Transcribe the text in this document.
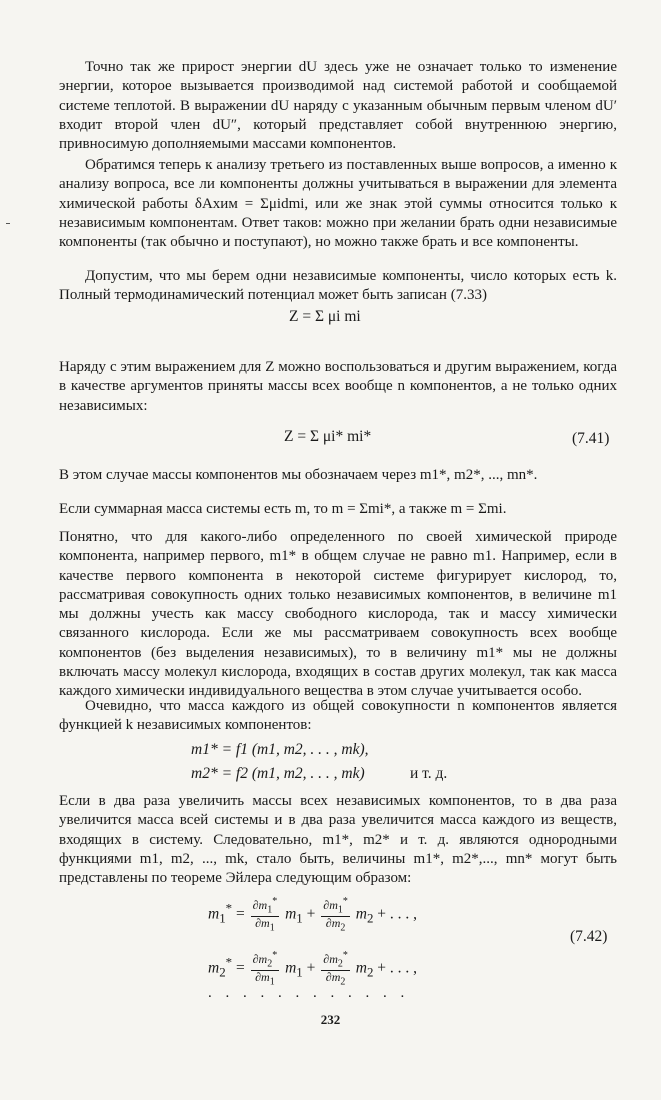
Точно так же прирост энергии dU здесь уже не означает только то изменение энергии, которое вызывается производимой над системой работой и сообщаемой системе теплотой. В выражении dU наряду с указанным обычным первым членом dU′ входит второй член dU″, который представляет собой внутреннюю энергию, привносимую дополняемыми массами компонентов.

Обратимся теперь к анализу третьего из поставленных выше вопросов, а именно к анализу вопроса, все ли компоненты должны учитываться в выражении для элемента химической работы δAхим = Σμidmi, или же знак этой суммы относится только к независимым компонентам. Ответ таков: можно при желании брать одни независимые компоненты (так обычно и поступают), но можно также брать и все компоненты.

Допустим, что мы берем одни независимые компоненты, число которых есть k. Полный термодинамический потенциал может быть записан (7.33)

Z = Σ μi mi

Наряду с этим выражением для Z можно воспользоваться и другим выражением, когда в качестве аргументов приняты массы всех вообще n компонентов, а не только одних независимых:

Z = Σ μi* mi*	(7.41)

В этом случае массы компонентов мы обозначаем через m1*, m2*, ..., mn*.

Если суммарная масса системы есть m, то m = Σmi*, а также m = Σmi.

Понятно, что для какого-либо определенного по своей химической природе компонента, например первого, m1* в общем случае не равно m1. Например, если в качестве первого компонента в некоторой системе фигурирует кислород, то, рассматривая совокупность одних только независимых компонентов, в величине m1 мы должны учесть как массу свободного кислорода, так и массу химически связанного кислорода. Если же мы рассматриваем совокупность всех вообще компонентов (без выделения независимых), то в величину m1* мы не должны включать массу молекул кислорода, входящих в состав других молекул, так как масса каждого химически индивидуального вещества в этом случае учитывается особо.

Очевидно, что масса каждого из общей совокупности n компонентов является функцией k независимых компонентов:

m1* = f1 (m1, m2, . . . , mk),
m2* = f2 (m1, m2, . . . , mk)	и т. д.

Если в два раза увеличить массы всех независимых компонентов, то в два раза увеличится масса всей системы и в два раза увеличится масса каждого из веществ, входящих в систему. Следовательно, m1*, m2* и т. д. являются однородными функциями m1, m2, ..., mk, стало быть, величины m1*, m2*,..., mn* могут быть представлены по теореме Эйлера следующим образом:

$m_1^* = \frac{\partial m_1^*}{\partial m_1} m_1 + \frac{\partial m_1^*}{\partial m_2} m_2$ + . . . ,
(7.42)
$m_2^* = \frac{\partial m_2^*}{\partial m_1} m_1 + \frac{\partial m_2^*}{\partial m_2} m_2$ + . . . ,
. . . . . . . . . . . .
232
